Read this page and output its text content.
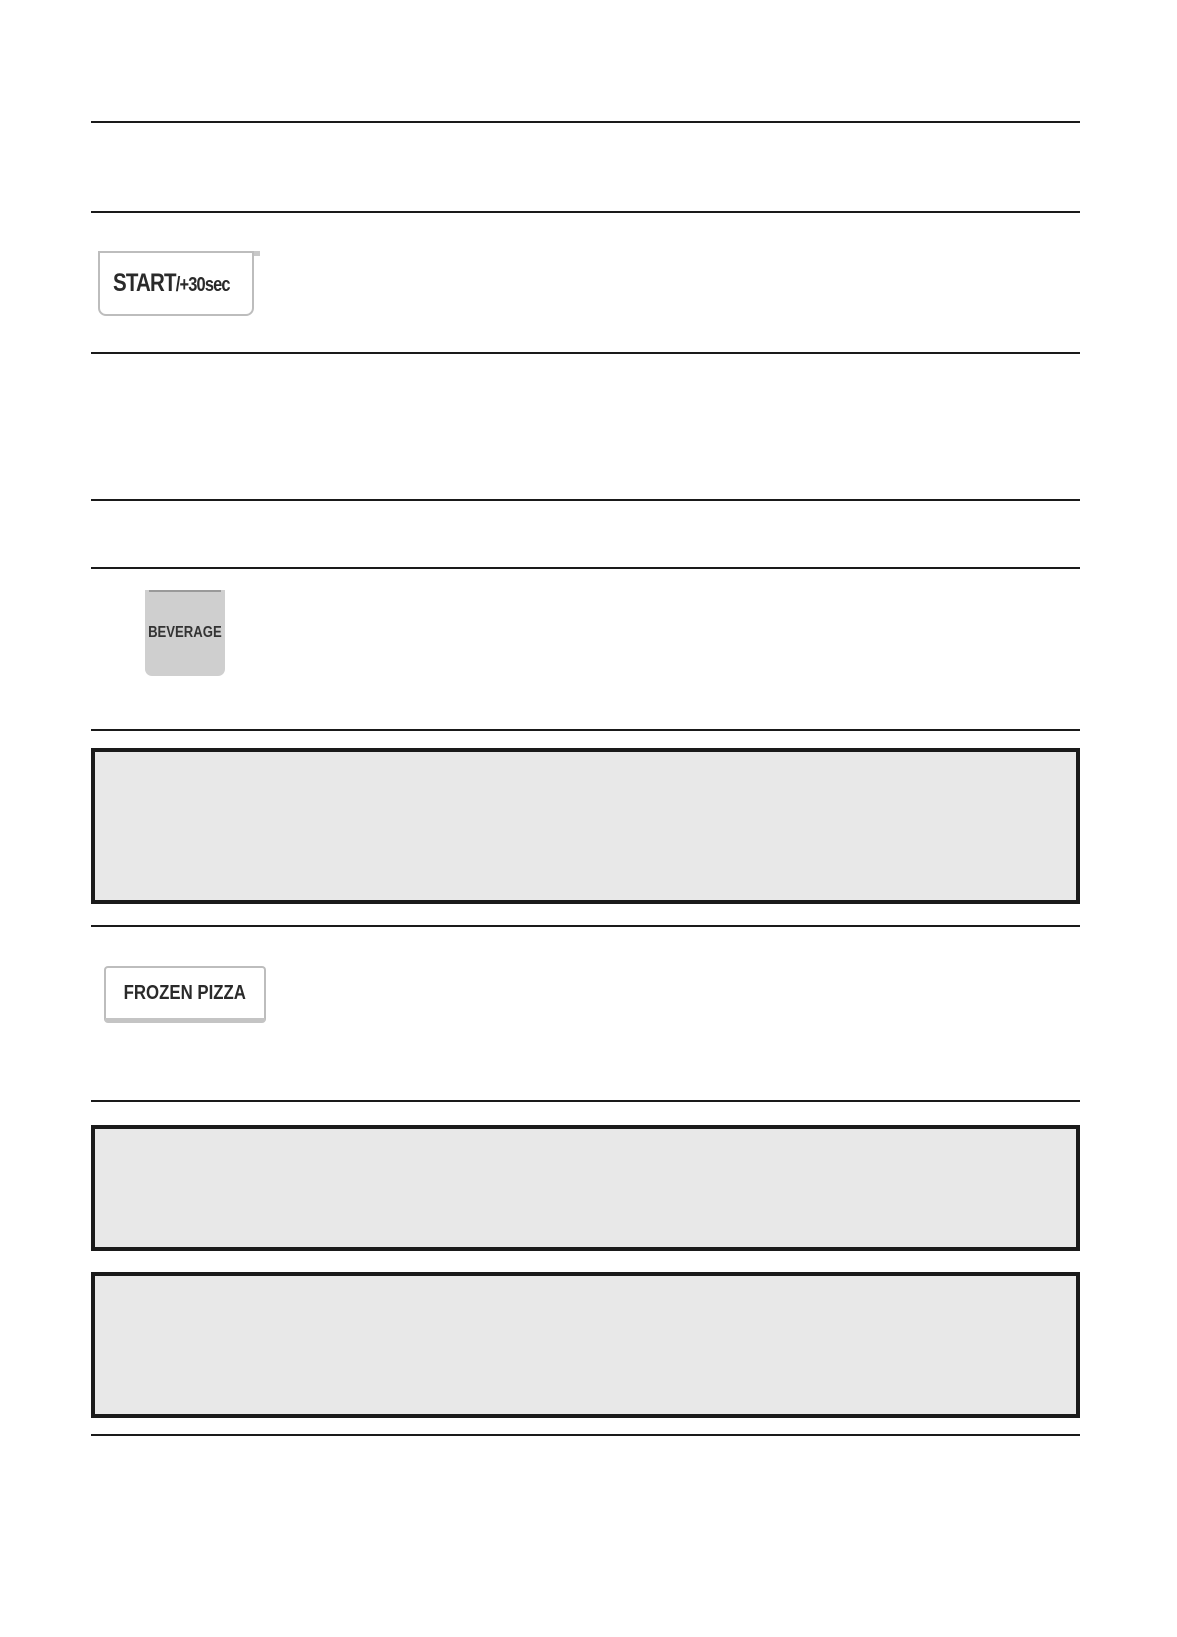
START/+30sec
BEVERAGE
FROZEN PIZZA
